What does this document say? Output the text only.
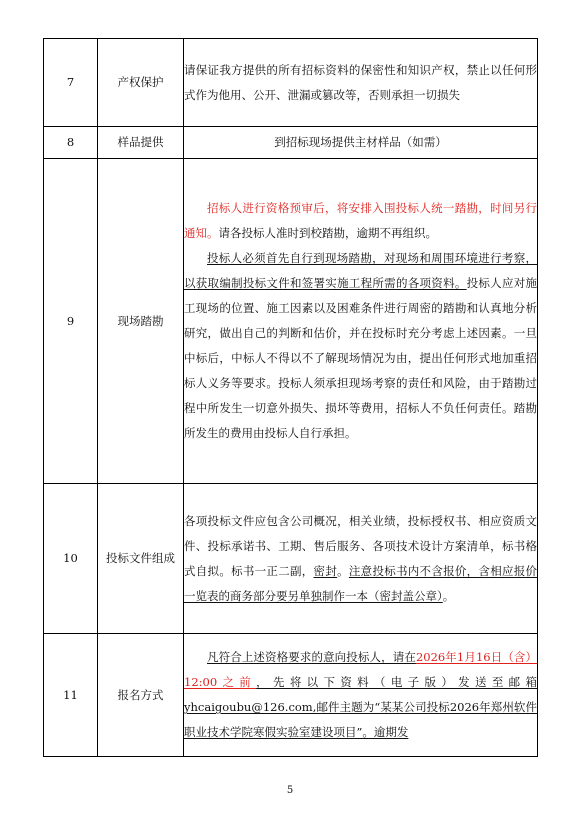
7	产权保护	请保证我方提供的所有招标资料的保密性和知识产权，禁止以任何形式作为他用、公开、泄漏或篡改等，否则承担一切损失
8	样品提供	到招标现场提供主材样品（如需）
9	现场踏勘	招标人进行资格预审后，将安排入围投标人统一踏勘，时间另行通知。请各投标人准时到校踏勘，逾期不再组织。
投标人必须首先自行到现场踏勘，对现场和周围环境进行考察，以获取编制投标文件和签署实施工程所需的各项资料。投标人应对施工现场的位置、施工因素以及困难条件进行周密的踏勘和认真地分析研究，做出自己的判断和估价，并在投标时充分考虑上述因素。一旦中标后，中标人不得以不了解现场情况为由，提出任何形式地加重招标人义务等要求。投标人须承担现场考察的责任和风险，由于踏勘过程中所发生一切意外损失、损坏等费用，招标人不负任何责任。踏勘所发生的费用由投标人自行承担。

10	投标文件组成	各项投标文件应包含公司概况，相关业绩，投标授权书、相应资质文件、投标承诺书、工期、售后服务、各项技术设计方案清单，标书格式自拟。标书一正二副，密封。注意投标书内不含报价，含相应报价一览表的商务部分要另单独制作一本（密封盖公章）。
11	报名方式	凡符合上述资格要求的意向投标人，请在2026年1月16日（含）12:00之前，先将以下资料（电子版）发送至邮箱yhcaigoubu@126.com,邮件主题为“某某公司投标2026年郑州软件职业技术学院寒假实验室建设项目”。逾期发
5
